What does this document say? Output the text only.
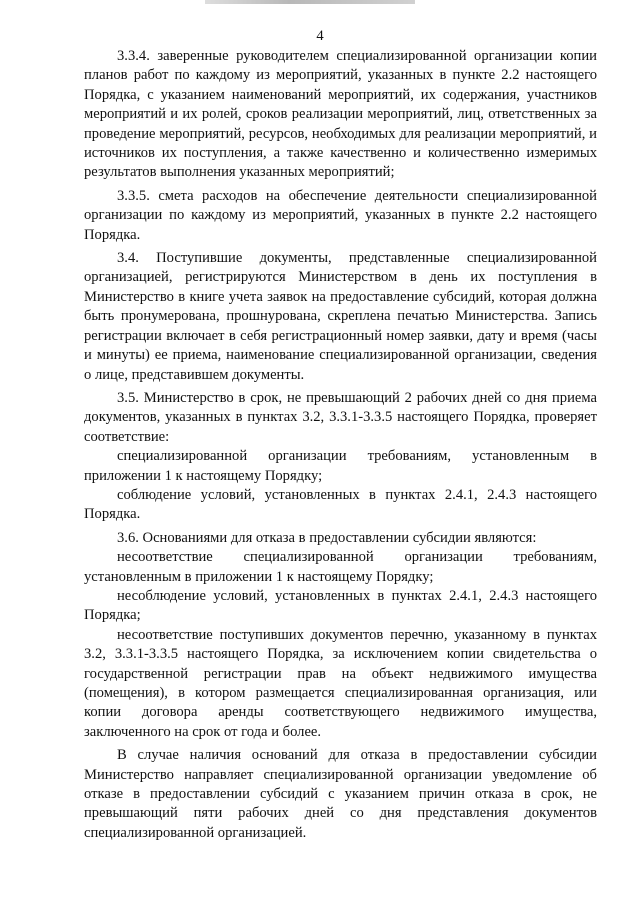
4

3.3.4. заверенные руководителем специализированной организации копии планов работ по каждому из мероприятий, указанных в пункте 2.2 настоящего Порядка, с указанием наименований мероприятий, их содержания, участников мероприятий и их ролей, сроков реализации мероприятий, лиц, ответственных за проведение мероприятий, ресурсов, необходимых для реализации мероприятий, и источников их поступления, а также качественно и количественно измеримых результатов выполнения указанных мероприятий;

3.3.5. смета расходов на обеспечение деятельности специализированной организации по каждому из мероприятий, указанных в пункте 2.2 настоящего Порядка.

3.4. Поступившие документы, представленные специализированной организацией, регистрируются Министерством в день их поступления в Министерство в книге учета заявок на предоставление субсидий, которая должна быть пронумерована, прошнурована, скреплена печатью Министерства. Запись регистрации включает в себя регистрационный номер заявки, дату и время (часы и минуты) ее приема, наименование специализированной организации, сведения о лице, представившем документы.

3.5. Министерство в срок, не превышающий 2 рабочих дней со дня приема документов, указанных в пунктах 3.2, 3.3.1-3.3.5 настоящего Порядка, проверяет соответствие:

специализированной организации требованиям, установленным в приложении 1 к настоящему Порядку;

соблюдение условий, установленных в пунктах 2.4.1, 2.4.3 настоящего Порядка.

3.6. Основаниями для отказа в предоставлении субсидии являются:

несоответствие специализированной организации требованиям, установленным в приложении 1 к настоящему Порядку;

несоблюдение условий, установленных в пунктах 2.4.1, 2.4.3 настоящего Порядка;

несоответствие поступивших документов перечню, указанному в пунктах 3.2, 3.3.1-3.3.5 настоящего Порядка, за исключением копии свидетельства о государственной регистрации прав на объект недвижимого имущества (помещения), в котором размещается специализированная организация, или копии договора аренды соответствующего недвижимого имущества, заключенного на срок от года и более.

В случае наличия оснований для отказа в предоставлении субсидии Министерство направляет специализированной организации уведомление об отказе в предоставлении субсидий с указанием причин отказа в срок, не превышающий пяти рабочих дней со дня представления документов специализированной организацией.
